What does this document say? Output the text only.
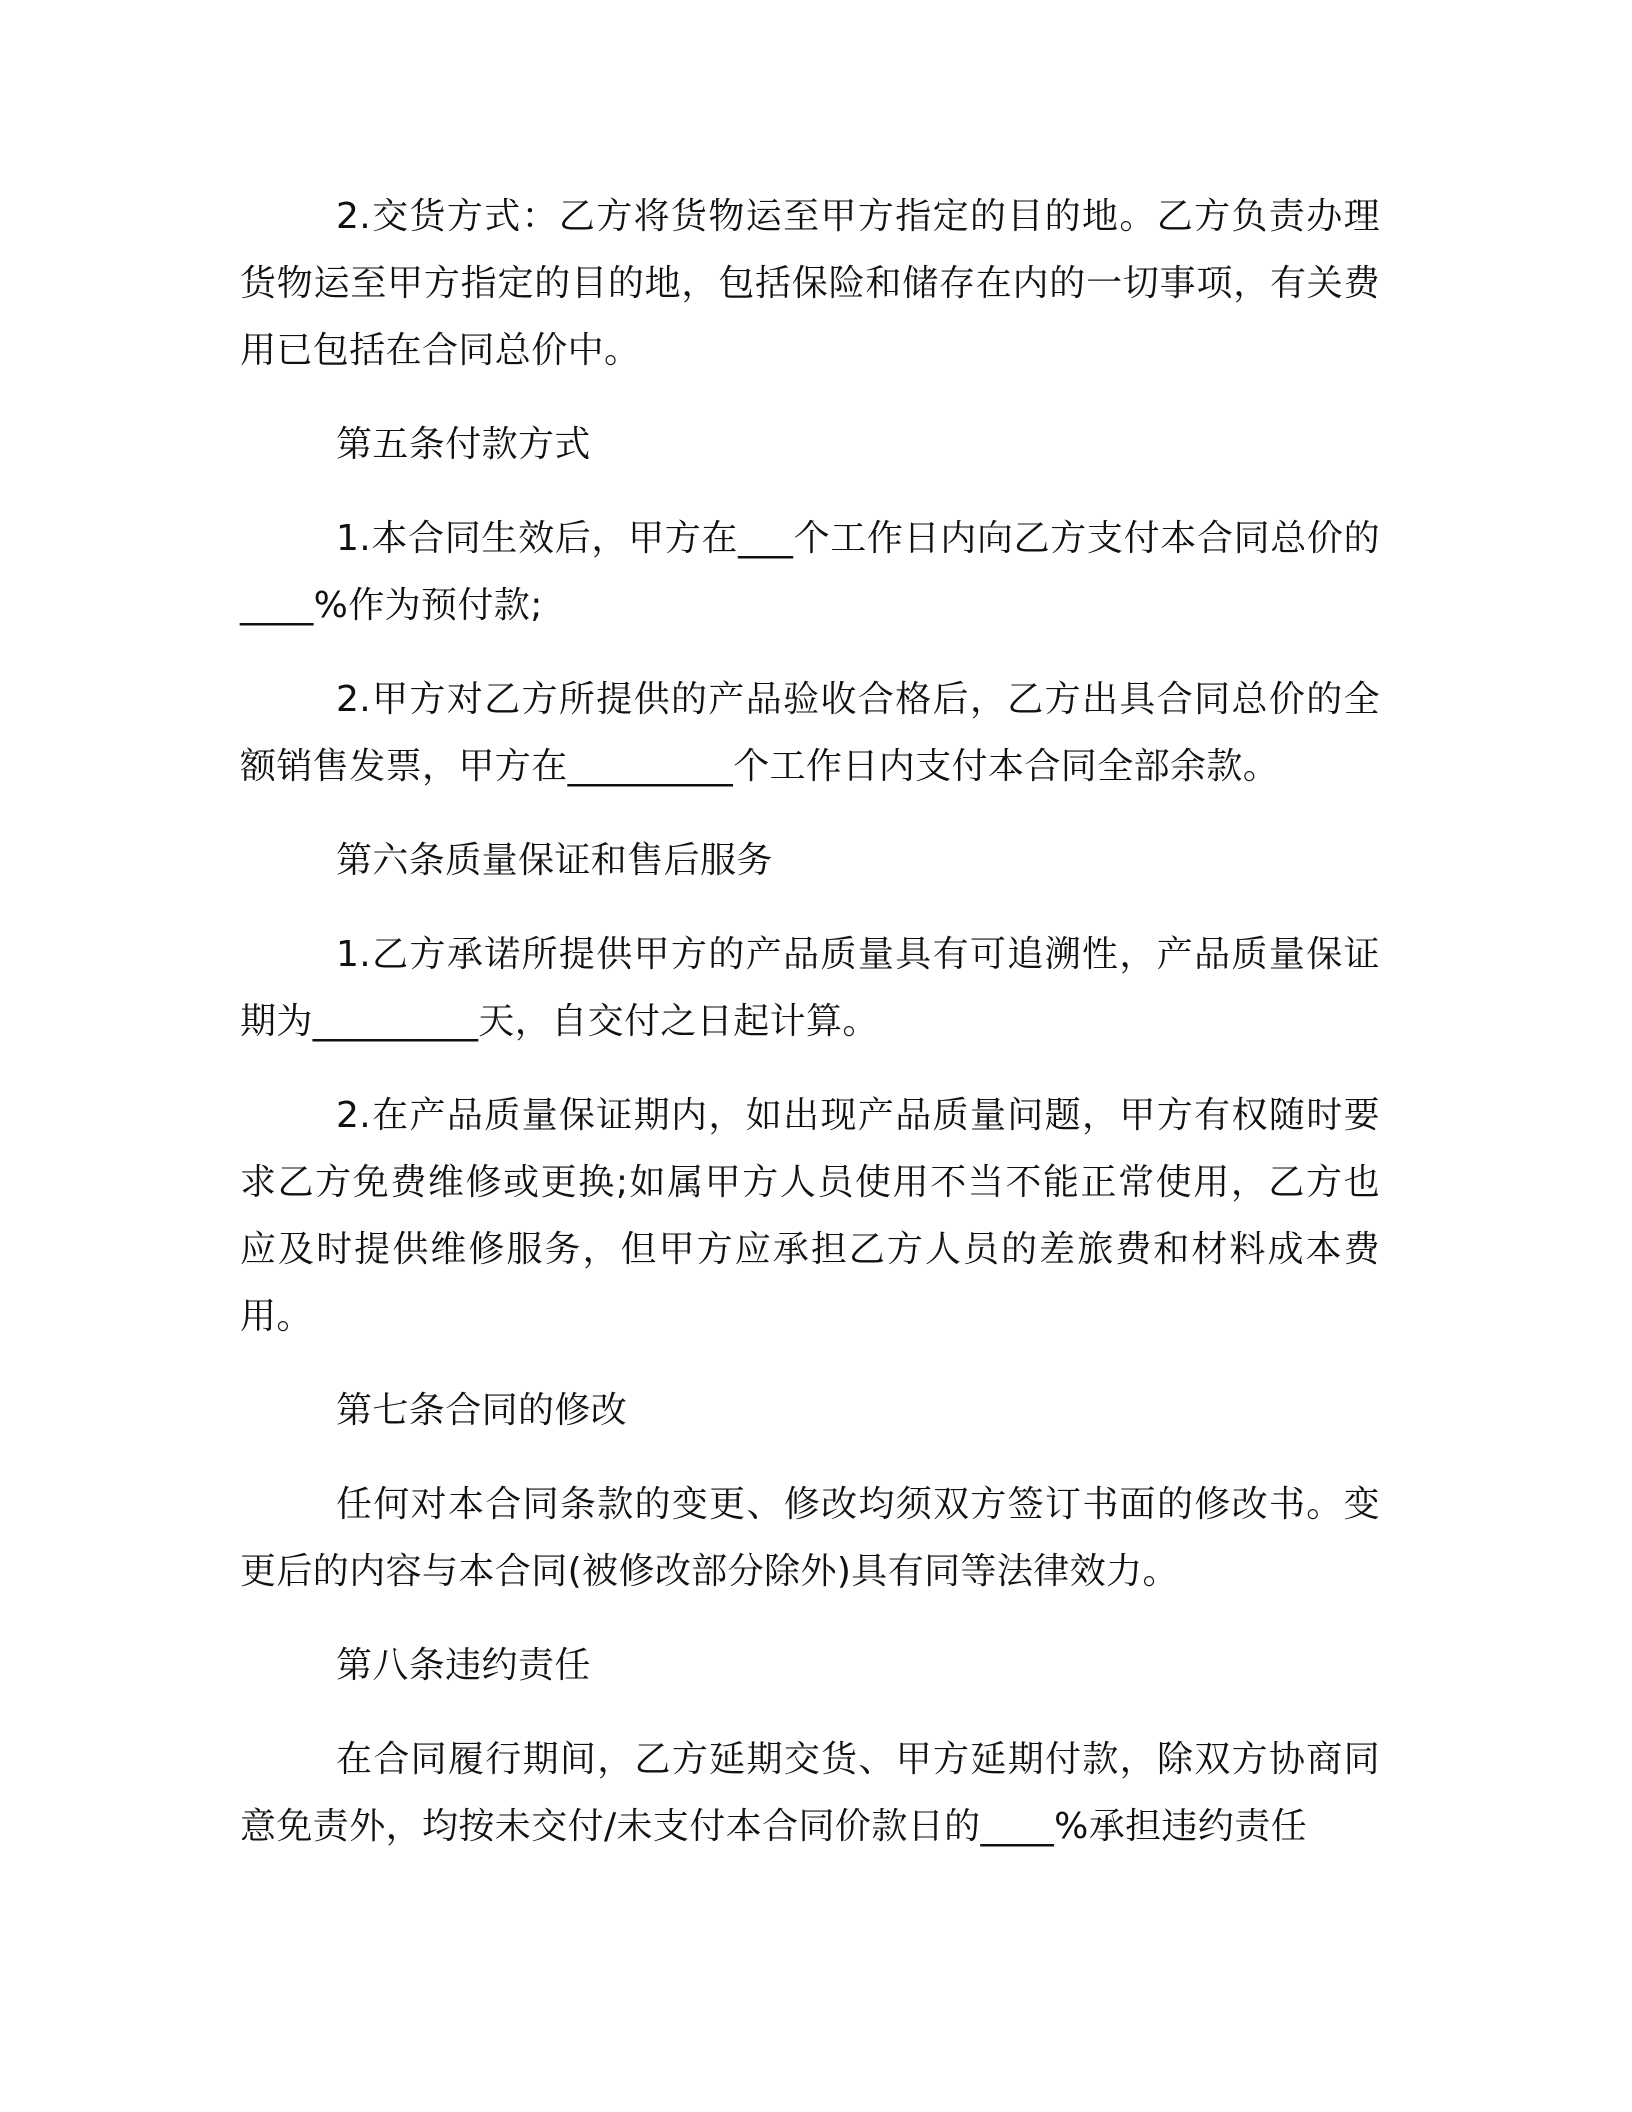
2.交货方式：乙方将货物运至甲方指定的目的地。乙方负责办理货物运至甲方指定的目的地，包括保险和储存在内的一切事项，有关费用已包括在合同总价中。

第五条付款方式

1.本合同生效后，甲方在___个工作日内向乙方支付本合同总价的____%作为预付款;

2.甲方对乙方所提供的产品验收合格后，乙方出具合同总价的全额销售发票，甲方在_________个工作日内支付本合同全部余款。

第六条质量保证和售后服务

1.乙方承诺所提供甲方的产品质量具有可追溯性，产品质量保证期为_________天，自交付之日起计算。

2.在产品质量保证期内，如出现产品质量问题，甲方有权随时要求乙方免费维修或更换;如属甲方人员使用不当不能正常使用，乙方也应及时提供维修服务，但甲方应承担乙方人员的差旅费和材料成本费用。

第七条合同的修改

任何对本合同条款的变更、修改均须双方签订书面的修改书。变更后的内容与本合同(被修改部分除外)具有同等法律效力。

第八条违约责任

在合同履行期间，乙方延期交货、甲方延期付款，除双方协商同意免责外，均按未交付/未支付本合同价款日的____%承担违约责任
